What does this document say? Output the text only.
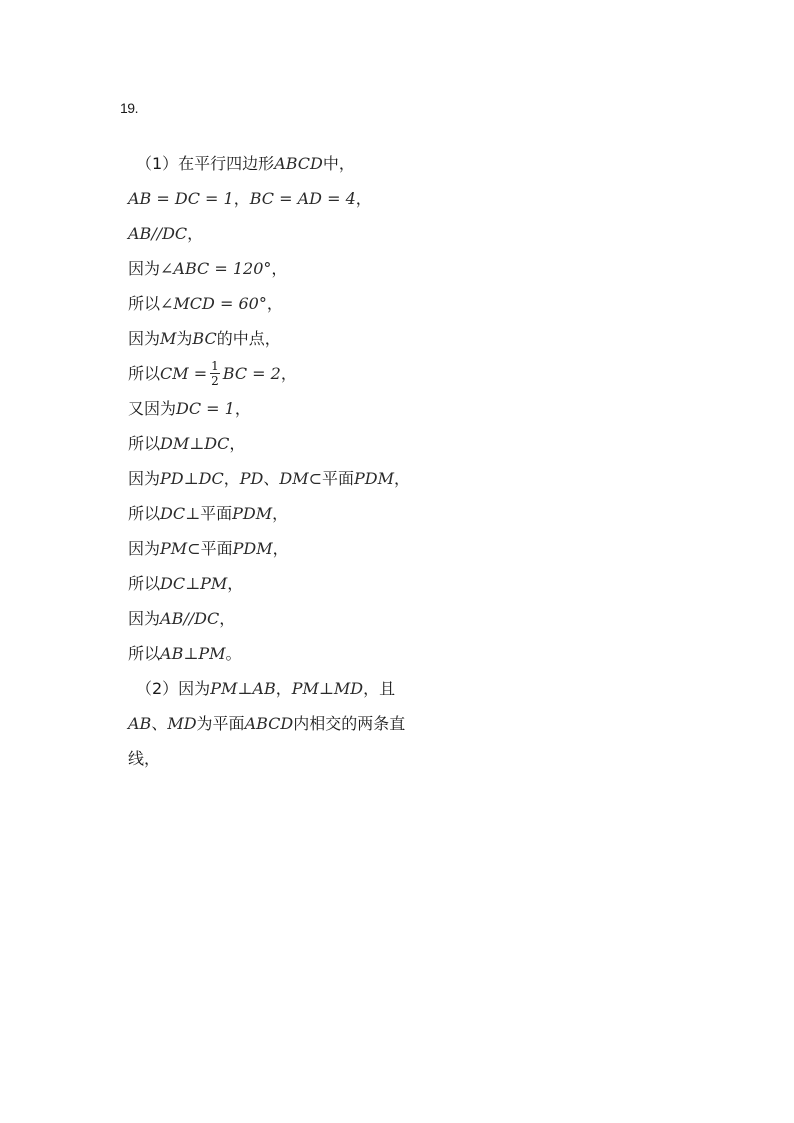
19.
（1）在平行四边形 ABCD 中，
AB = DC = 1 ， BC = AD = 4 ，
AB//DC ，
因为 ∠ABC = 120° ，
所以 ∠MCD = 60° ，
因为 M 为 BC 的中点，
所以 CM = $\frac{1}{2}$ BC = 2 ，
又因为 DC = 1 ，
所以 DM⊥DC ，
因为 PD⊥DC ， PD 、 DM⊂ 平面 PDM ，
所以 DC⊥ 平面 PDM ，
因为 PM⊂ 平面 PDM ，
所以 DC⊥PM ，
因为 AB//DC ，
所以 AB⊥PM 。
（2）因为 PM⊥AB ， PM⊥MD ，且
AB 、 MD 为平面 ABCD 内相交的两条直
线，
